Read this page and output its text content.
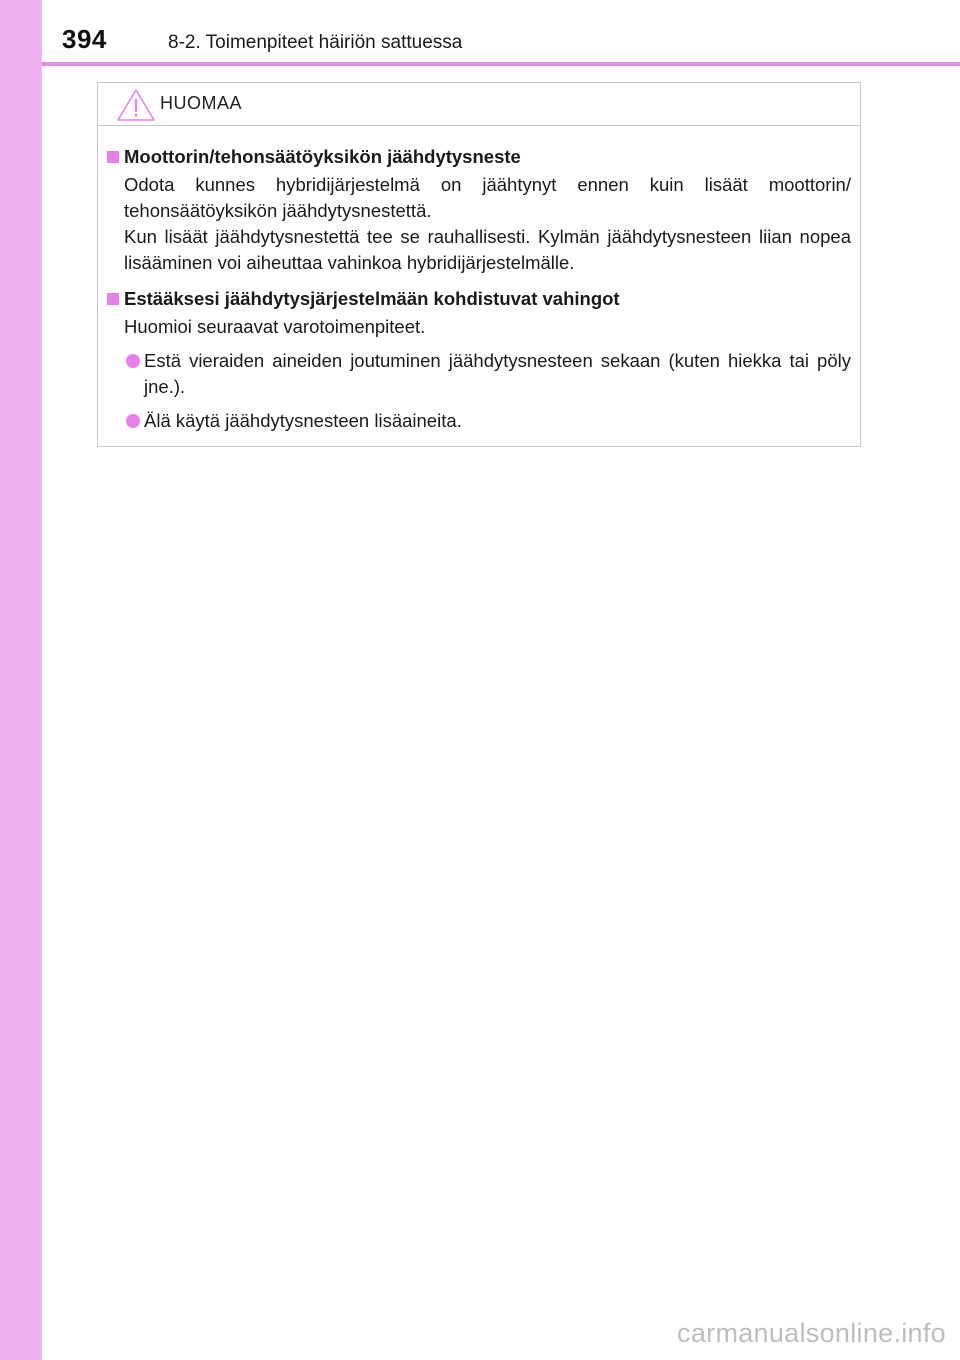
394	8-2. Toimenpiteet häiriön sattuessa
HUOMAA
Moottorin/tehonsäätöyksikön jäähdytysneste
Odota kunnes hybridijärjestelmä on jäähtynyt ennen kuin lisäät moottorin/ tehonsäätöyksikön jäähdytysnestettä.
Kun lisäät jäähdytysnestettä tee se rauhallisesti. Kylmän jäähdytysnesteen liian nopea lisääminen voi aiheuttaa vahinkoa hybridijärjestelmälle.
Estääksesi jäähdytysjärjestelmään kohdistuvat vahingot
Huomioi seuraavat varotoimenpiteet.
Estä vieraiden aineiden joutuminen jäähdytysnesteen sekaan (kuten hiekka tai pöly jne.).
Älä käytä jäähdytysnesteen lisäaineita.
carmanualsonline.info
